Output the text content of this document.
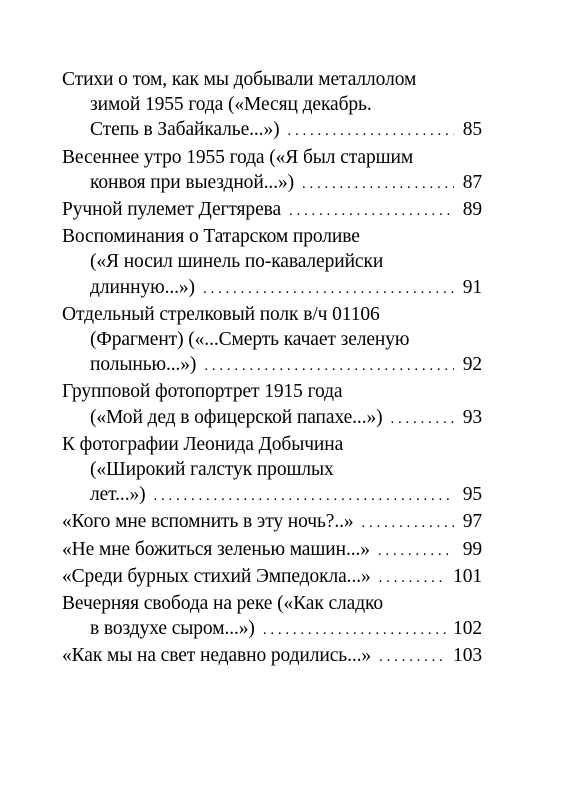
Стихи о том, как мы добывали металлолом
зимой 1955 года («Месяц декабрь.
Степь в Забайкалье...») . . .	85
Весеннее утро 1955 года («Я был старшим
конвоя при выездной...») . . .	87
Ручной пулемет Дегтярева . . .	89
Воспоминания о Татарском проливе
(«Я носил шинель по-кавалерийски
длинную...») . . .	91
Отдельный стрелковый полк в/ч 01106
(Фрагмент) («...Смерть качает зеленую
полынью...») . . .	92
Групповой фотопортрет 1915 года
(«Мой дед в офицерской папахе...») . . .	93
К фотографии Леонида Добычина
(«Широкий галстук прошлых
лет...») . . .	95
«Кого мне вспомнить в эту ночь?..» . . .	97
«Не мне божиться зеленью машин...» . . .	99
«Среди бурных стихий Эмпедокла...» . . .	101
Вечерняя свобода на реке («Как сладко
в воздухе сыром...») . . .	102
«Как мы на свет недавно родились...» . . .	103
